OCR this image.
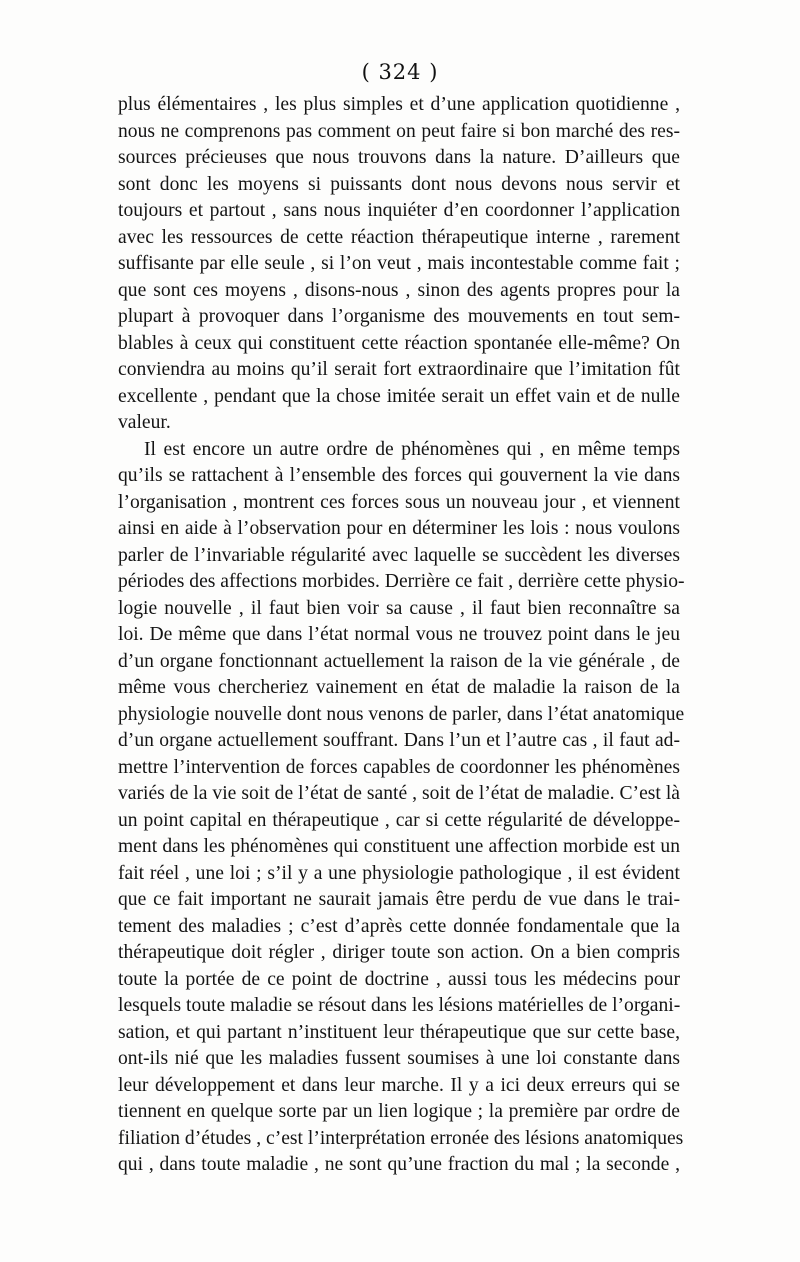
( 324 )
plus élémentaires , les plus simples et d’une application quotidienne ,
nous ne comprenons pas comment on peut faire si bon marché des res-
sources précieuses que nous trouvons dans la nature. D’ailleurs que
sont donc les moyens si puissants dont nous devons nous servir et
toujours et partout , sans nous inquiéter d’en coordonner l’application
avec les ressources de cette réaction thérapeutique interne , rarement
suffisante par elle seule , si l’on veut , mais incontestable comme fait ;
que sont ces moyens , disons-nous , sinon des agents propres pour la
plupart à provoquer dans l’organisme des mouvements en tout sem-
blables à ceux qui constituent cette réaction spontanée elle-même? On
conviendra au moins qu’il serait fort extraordinaire que l’imitation fût
excellente , pendant que la chose imitée serait un effet vain et de nulle
valeur.
Il est encore un autre ordre de phénomènes qui , en même temps
qu’ils se rattachent à l’ensemble des forces qui gouvernent la vie dans
l’organisation , montrent ces forces sous un nouveau jour , et viennent
ainsi en aide à l’observation pour en déterminer les lois : nous voulons
parler de l’invariable régularité avec laquelle se succèdent les diverses
périodes des affections morbides. Derrière ce fait , derrière cette physio-
logie nouvelle , il faut bien voir sa cause , il faut bien reconnaître sa
loi. De même que dans l’état normal vous ne trouvez point dans le jeu
d’un organe fonctionnant actuellement la raison de la vie générale , de
même vous chercheriez vainement en état de maladie la raison de la
physiologie nouvelle dont nous venons de parler, dans l’état anatomique
d’un organe actuellement souffrant. Dans l’un et l’autre cas , il faut ad-
mettre l’intervention de forces capables de coordonner les phénomènes
variés de la vie soit de l’état de santé , soit de l’état de maladie. C’est là
un point capital en thérapeutique , car si cette régularité de développe-
ment dans les phénomènes qui constituent une affection morbide est un
fait réel , une loi ; s’il y a une physiologie pathologique , il est évident
que ce fait important ne saurait jamais être perdu de vue dans le trai-
tement des maladies ; c’est d’après cette donnée fondamentale que la
thérapeutique doit régler , diriger toute son action. On a bien compris
toute la portée de ce point de doctrine , aussi tous les médecins pour
lesquels toute maladie se résout dans les lésions matérielles de l’organi-
sation, et qui partant n’instituent leur thérapeutique que sur cette base,
ont-ils nié que les maladies fussent soumises à une loi constante dans
leur développement et dans leur marche. Il y a ici deux erreurs qui se
tiennent en quelque sorte par un lien logique ; la première par ordre de
filiation d’études , c’est l’interprétation erronée des lésions anatomiques
qui , dans toute maladie , ne sont qu’une fraction du mal ; la seconde ,
